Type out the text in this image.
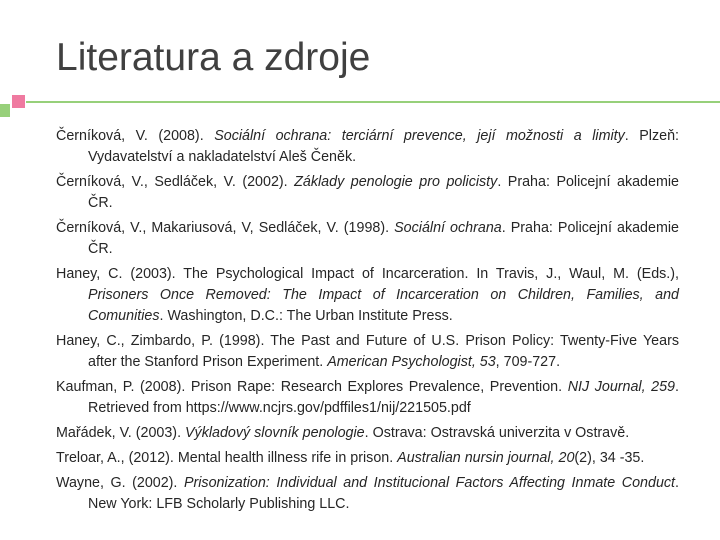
Literatura a zdroje

Černíková, V. (2008). Sociální ochrana: terciární prevence, její možnosti a limity. Plzeň: Vydavatelství a nakladatelství Aleš Čeněk.

Černíková, V., Sedláček, V. (2002). Základy penologie pro policisty. Praha: Policejní akademie ČR.

Černíková, V., Makariusová, V, Sedláček, V. (1998). Sociální ochrana. Praha: Policejní akademie ČR.

Haney, C. (2003). The Psychological Impact of Incarceration. In Travis, J., Waul, M. (Eds.), Prisoners Once Removed: The Impact of Incarceration on Children, Families, and Comunities. Washington, D.C.: The Urban Institute Press.

Haney, C., Zimbardo, P. (1998). The Past and Future of U.S. Prison Policy: Twenty-Five Years after the Stanford Prison Experiment. American Psychologist, 53, 709-727.

Kaufman, P. (2008). Prison Rape: Research Explores Prevalence, Prevention. NIJ Journal, 259. Retrieved from https://www.ncjrs.gov/pdffiles1/nij/221505.pdf

Mařádek, V. (2003). Výkladový slovník penologie. Ostrava: Ostravská univerzita v Ostravě.

Treloar, A., (2012). Mental health illness rife in prison. Australian nursin journal, 20(2), 34 -35.

Wayne, G. (2002). Prisonization: Individual and Institucional Factors Affecting Inmate Conduct. New York: LFB Scholarly Publishing LLC.
